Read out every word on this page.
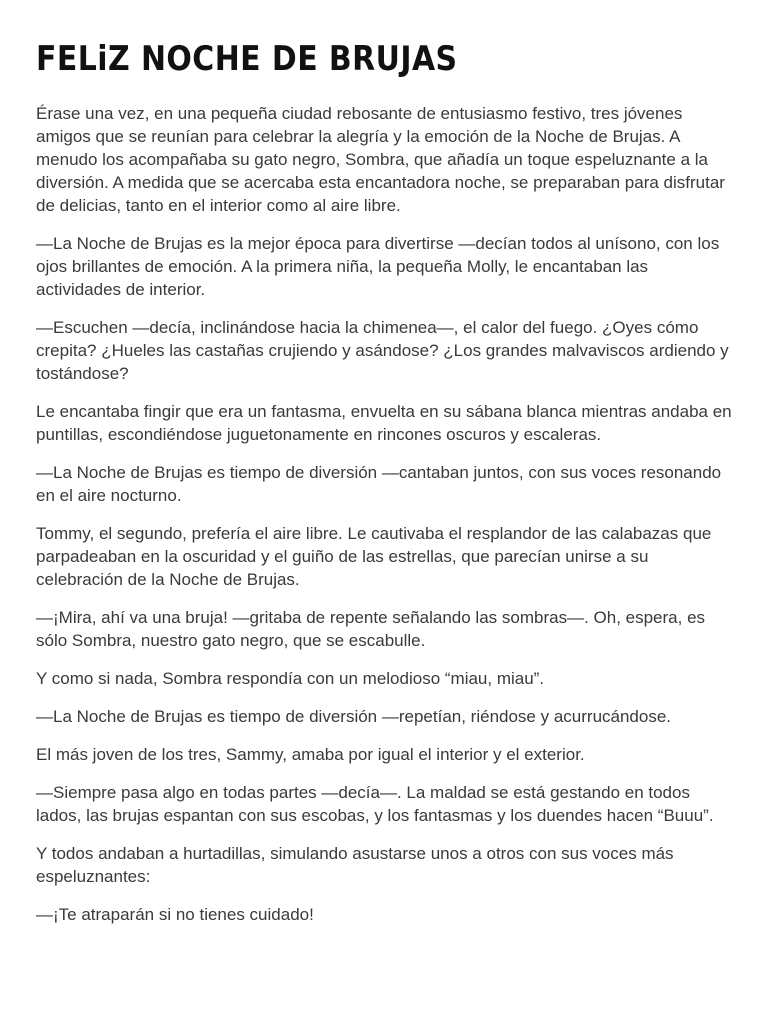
FELiZ NOCHE DE BRUJAS

Érase una vez, en una pequeña ciudad rebosante de entusiasmo festivo, tres jóvenes amigos que se reunían para celebrar la alegría y la emoción de la Noche de Brujas. A menudo los acompañaba su gato negro, Sombra, que añadía un toque espeluznante a la diversión. A medida que se acercaba esta encantadora noche, se preparaban para disfrutar de delicias, tanto en el interior como al aire libre.

—La Noche de Brujas es la mejor época para divertirse —decían todos al unísono, con los ojos brillantes de emoción. A la primera niña, la pequeña Molly, le encantaban las actividades de interior.

—Escuchen —decía, inclinándose hacia la chimenea—, el calor del fuego. ¿Oyes cómo crepita? ¿Hueles las castañas crujiendo y asándose? ¿Los grandes malvaviscos ardiendo y tostándose?

Le encantaba fingir que era un fantasma, envuelta en su sábana blanca mientras andaba en puntillas, escondiéndose juguetonamente en rincones oscuros y escaleras.

—La Noche de Brujas es tiempo de diversión —cantaban juntos, con sus voces resonando en el aire nocturno.

Tommy, el segundo, prefería el aire libre. Le cautivaba el resplandor de las calabazas que parpadeaban en la oscuridad y el guiño de las estrellas, que parecían unirse a su celebración de la Noche de Brujas.

—¡Mira, ahí va una bruja! —gritaba de repente señalando las sombras—. Oh, espera, es sólo Sombra, nuestro gato negro, que se escabulle.

Y como si nada, Sombra respondía con un melodioso “miau, miau”.

—La Noche de Brujas es tiempo de diversión —repetían, riéndose y acurrucándose.

El más joven de los tres, Sammy, amaba por igual el interior y el exterior.

—Siempre pasa algo en todas partes —decía—. La maldad se está gestando en todos lados, las brujas espantan con sus escobas, y los fantasmas y los duendes hacen “Buuu”.

Y todos andaban a hurtadillas, simulando asustarse unos a otros con sus voces más espeluznantes:

—¡Te atraparán si no tienes cuidado!
